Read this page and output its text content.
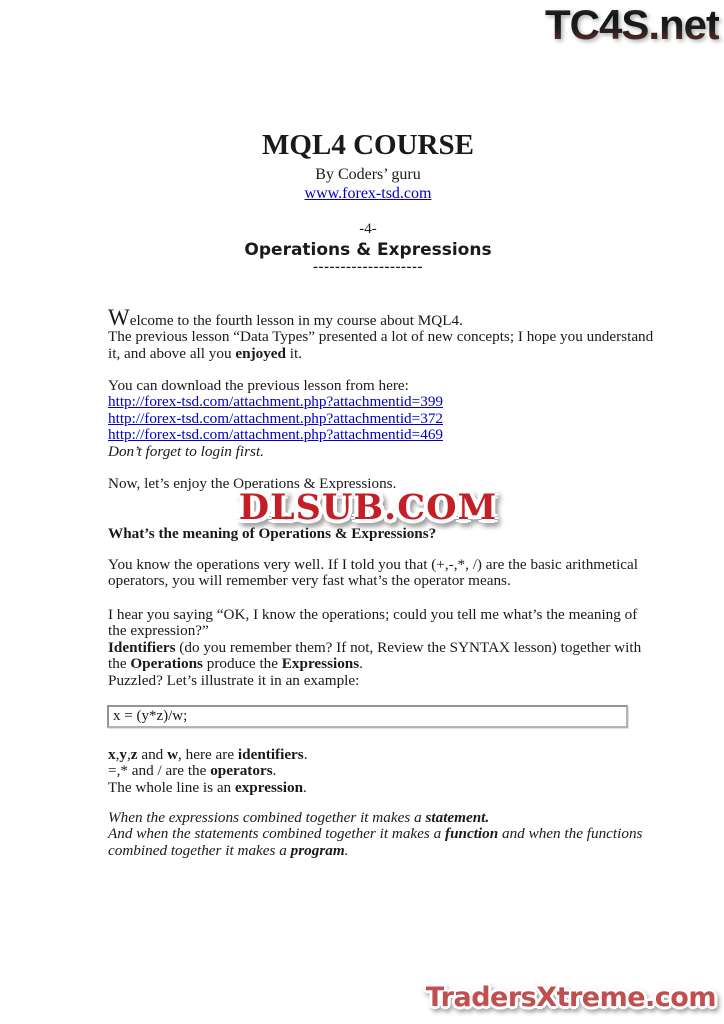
TC4S.net
MQL4 COURSE
By Coders’ guru
www.forex-tsd.com
-4-
Operations & Expressions
--------------------
Welcome to the fourth lesson in my course about MQL4.
The previous lesson “Data Types” presented a lot of new concepts; I hope you understand
it, and above all you enjoyed it.
You can download the previous lesson from here:
http://forex-tsd.com/attachment.php?attachmentid=399
http://forex-tsd.com/attachment.php?attachmentid=372
http://forex-tsd.com/attachment.php?attachmentid=469
Don’t forget to login first.
Now, let’s enjoy the Operations & Expressions.
DLSUB.COM
What’s the meaning of Operations & Expressions?
You know the operations very well. If I told you that (+,-,*, /) are the basic arithmetical
operators, you will remember very fast what’s the operator means.
I hear you saying “OK, I know the operations; could you tell me what’s the meaning of
the expression?”
Identifiers (do you remember them? If not, Review the SYNTAX lesson) together with
the Operations produce the Expressions.
Puzzled? Let’s illustrate it in an example:
x = (y*z)/w;
x,y,z and w, here are identifiers.
=,* and / are the operators.
The whole line is an expression.
When the expressions combined together it makes a statement.
And when the statements combined together it makes a function and when the functions
combined together it makes a program.
TradersXtreme.com
